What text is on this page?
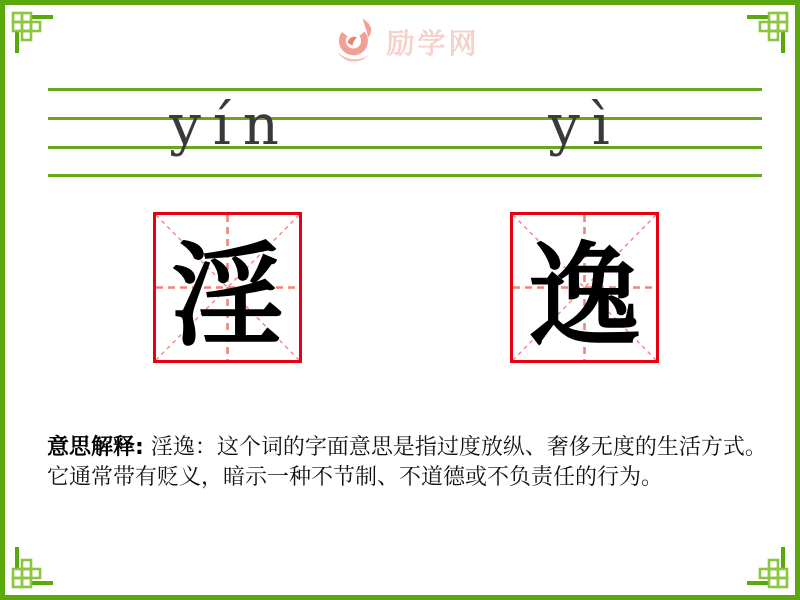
励学网
yín	yì
淫 逸

意思解释: 淫逸：这个词的字面意思是指过度放纵、奢侈无度的生活方式。它通常带有贬义，暗示一种不节制、不道德或不负责任的行为。
